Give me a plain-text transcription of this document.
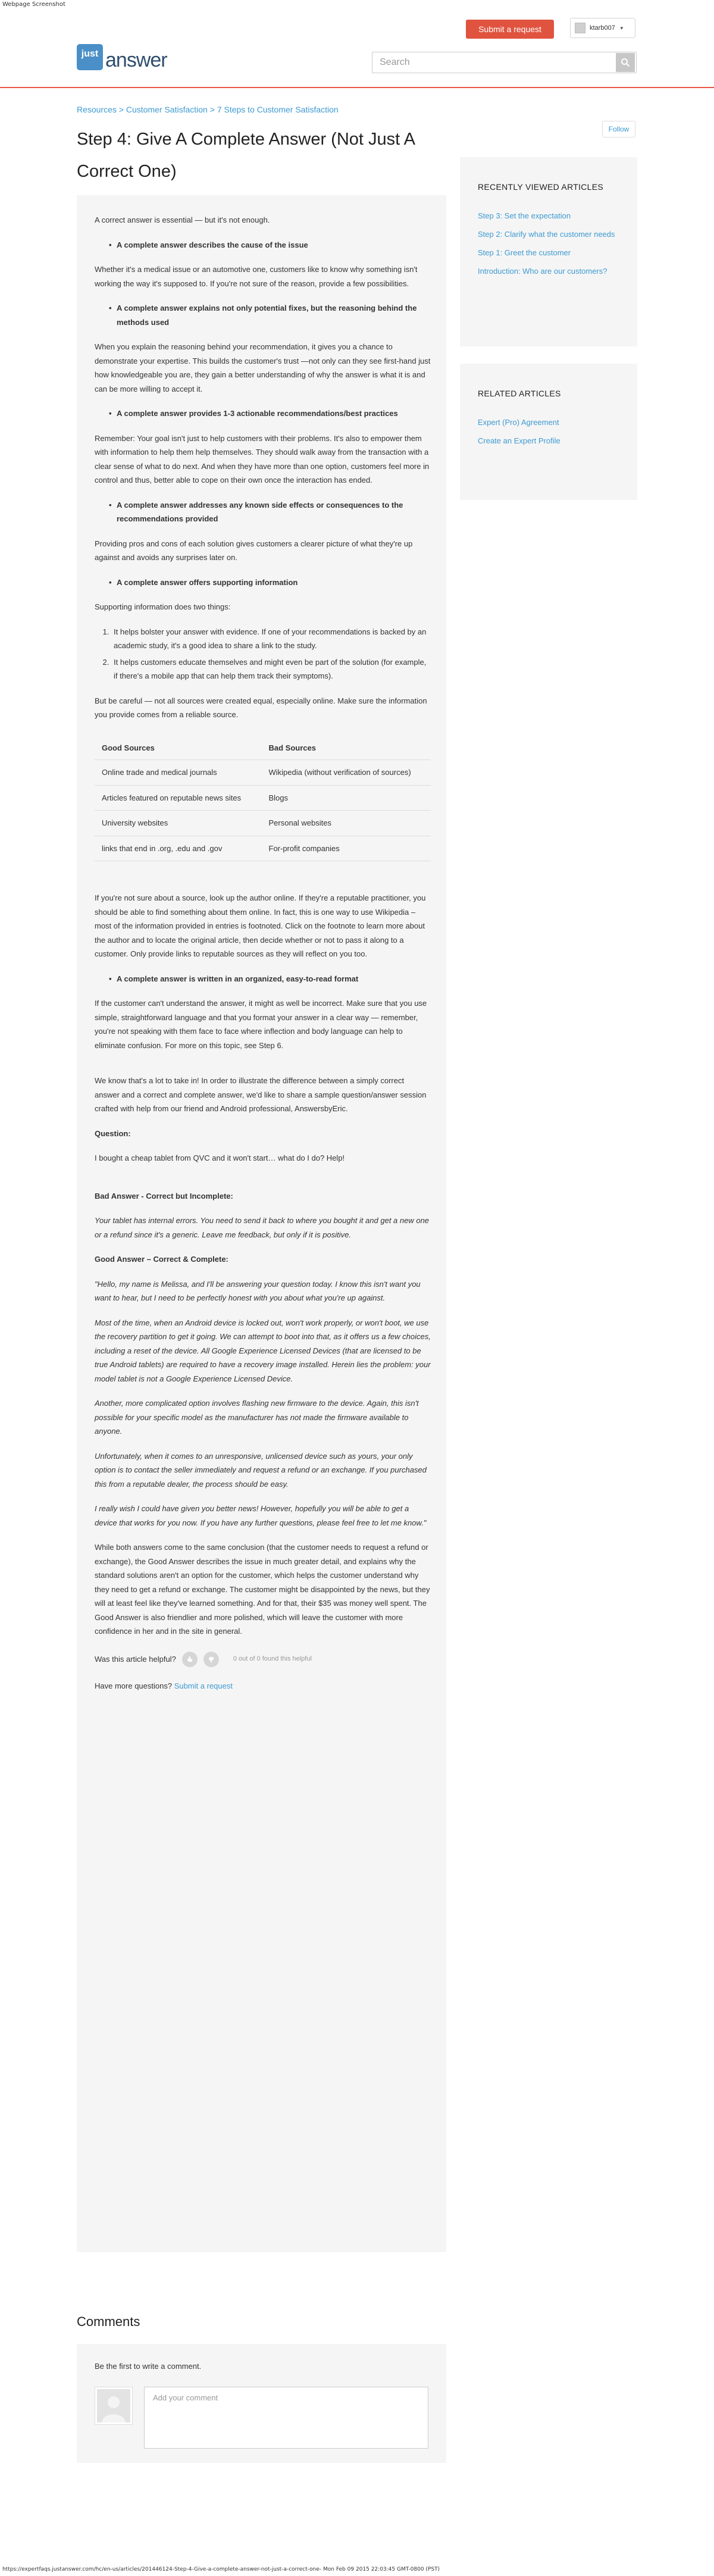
Webpage Screenshot
Submit a request	ktarb007 ▼
just answer
Search
Resources > Customer Satisfaction > 7 Steps to Customer Satisfaction
Follow
Step 4: Give A Complete Answer (Not Just A Correct One)

A correct answer is essential — but it's not enough.

• A complete answer describes the cause of the issue

Whether it's a medical issue or an automotive one, customers like to know why something isn't working the way it's supposed to. If you're not sure of the reason, provide a few possibilities.

• A complete answer explains not only potential fixes, but the reasoning behind the methods used

When you explain the reasoning behind your recommendation, it gives you a chance to demonstrate your expertise. This builds the customer's trust —not only can they see first-hand just how knowledgeable you are, they gain a better understanding of why the answer is what it is and can be more willing to accept it.

• A complete answer provides 1-3 actionable recommendations/best practices

Remember: Your goal isn't just to help customers with their problems. It's also to empower them with information to help them help themselves. They should walk away from the transaction with a clear sense of what to do next. And when they have more than one option, customers feel more in control and thus, better able to cope on their own once the interaction has ended.

• A complete answer addresses any known side effects or consequences to the recommendations provided

Providing pros and cons of each solution gives customers a clearer picture of what they're up against and avoids any surprises later on.

• A complete answer offers supporting information

Supporting information does two things:

1. It helps bolster your answer with evidence. If one of your recommendations is backed by an academic study, it's a good idea to share a link to the study.
2. It helps customers educate themselves and might even be part of the solution (for example, if there's a mobile app that can help them track their symptoms).

But be careful — not all sources were created equal, especially online. Make sure the information you provide comes from a reliable source.

Good Sources	Bad Sources
Online trade and medical journals	Wikipedia (without verification of sources)
Articles featured on reputable news sites	Blogs
University websites	Personal websites
links that end in .org, .edu and .gov	For-profit companies

If you're not sure about a source, look up the author online. If they're a reputable practitioner, you should be able to find something about them online. In fact, this is one way to use Wikipedia – most of the information provided in entries is footnoted. Click on the footnote to learn more about the author and to locate the original article, then decide whether or not to pass it along to a customer. Only provide links to reputable sources as they will reflect on you too.

• A complete answer is written in an organized, easy-to-read format

If the customer can't understand the answer, it might as well be incorrect. Make sure that you use simple, straightforward language and that you format your answer in a clear way — remember, you're not speaking with them face to face where inflection and body language can help to eliminate confusion. For more on this topic, see Step 6.

We know that's a lot to take in! In order to illustrate the difference between a simply correct answer and a correct and complete answer, we'd like to share a sample question/answer session crafted with help from our friend and Android professional, AnswersbyEric.

Question:

I bought a cheap tablet from QVC and it won't start… what do I do? Help!

Bad Answer - Correct but Incomplete:

Your tablet has internal errors. You need to send it back to where you bought it and get a new one or a refund since it's a generic. Leave me feedback, but only if it is positive.

Good Answer – Correct & Complete:

"Hello, my name is Melissa, and I'll be answering your question today. I know this isn't want you want to hear, but I need to be perfectly honest with you about what you're up against.

Most of the time, when an Android device is locked out, won't work properly, or won't boot, we use the recovery partition to get it going. We can attempt to boot into that, as it offers us a few choices, including a reset of the device. All Google Experience Licensed Devices (that are licensed to be true Android tablets) are required to have a recovery image installed. Herein lies the problem: your model tablet is not a Google Experience Licensed Device.

Another, more complicated option involves flashing new firmware to the device. Again, this isn't possible for your specific model as the manufacturer has not made the firmware available to anyone.

Unfortunately, when it comes to an unresponsive, unlicensed device such as yours, your only option is to contact the seller immediately and request a refund or an exchange. If you purchased this from a reputable dealer, the process should be easy.

I really wish I could have given you better news! However, hopefully you will be able to get a device that works for you now. If you have any further questions, please feel free to let me know."

While both answers come to the same conclusion (that the customer needs to request a refund or exchange), the Good Answer describes the issue in much greater detail, and explains why the standard solutions aren't an option for the customer, which helps the customer understand why they need to get a refund or exchange. The customer might be disappointed by the news, but they will at least feel like they've learned something. And for that, their $35 was money well spent. The Good Answer is also friendlier and more polished, which will leave the customer with more confidence in her and in the site in general.

Was this article helpful?	0 out of 0 found this helpful

Have more questions? Submit a request

RECENTLY VIEWED ARTICLES
Step 3: Set the expectation
Step 2: Clarify what the customer needs
Step 1: Greet the customer
Introduction: Who are our customers?
RELATED ARTICLES
Expert (Pro) Agreement
Create an Expert Profile
Comments

Be the first to write a comment.

Add your comment
https://expertfaqs.justanswer.com/hc/en-us/articles/201446124-Step-4-Give-a-complete-answer-not-just-a-correct-one- Mon Feb 09 2015 22:03:45 GMT-0800 (PST)
